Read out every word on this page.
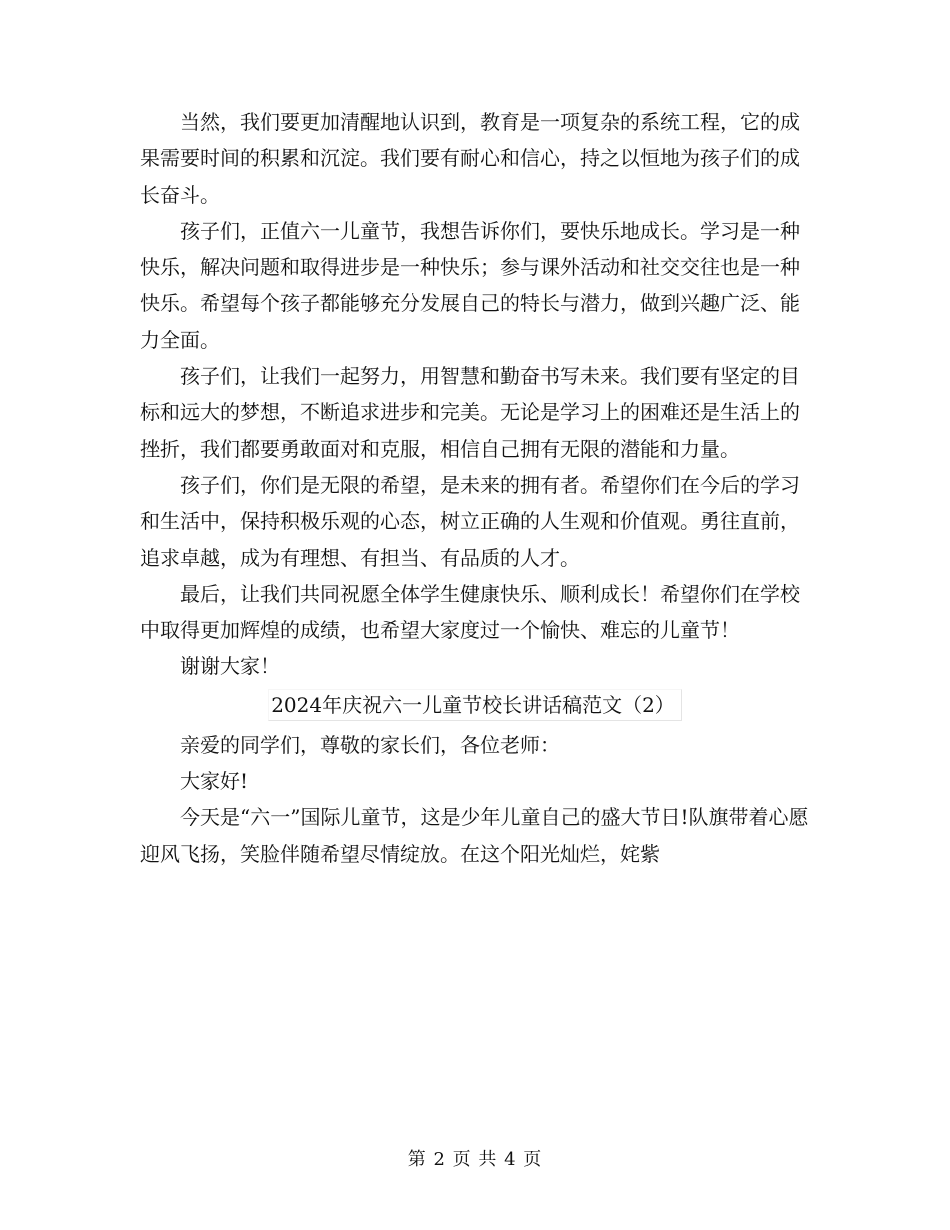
当然，我们要更加清醒地认识到，教育是一项复杂的系统工程，它的成果需要时间的积累和沉淀。我们要有耐心和信心，持之以恒地为孩子们的成长奋斗。

孩子们，正值六一儿童节，我想告诉你们，要快乐地成长。学习是一种快乐，解决问题和取得进步是一种快乐；参与课外活动和社交交往也是一种快乐。希望每个孩子都能够充分发展自己的特长与潜力，做到兴趣广泛、能力全面。

孩子们，让我们一起努力，用智慧和勤奋书写未来。我们要有坚定的目标和远大的梦想，不断追求进步和完美。无论是学习上的困难还是生活上的挫折，我们都要勇敢面对和克服，相信自己拥有无限的潜能和力量。

孩子们，你们是无限的希望，是未来的拥有者。希望你们在今后的学习和生活中，保持积极乐观的心态，树立正确的人生观和价值观。勇往直前，追求卓越，成为有理想、有担当、有品质的人才。

最后，让我们共同祝愿全体学生健康快乐、顺利成长！希望你们在学校中取得更加辉煌的成绩，也希望大家度过一个愉快、难忘的儿童节！

谢谢大家！

2024年庆祝六一儿童节校长讲话稿范文（2）

亲爱的同学们，尊敬的家长们，各位老师：

大家好!

今天是“六一”国际儿童节，这是少年儿童自己的盛大节日!队旗带着心愿迎风飞扬，笑脸伴随希望尽情绽放。在这个阳光灿烂，姹紫

第 2 页 共 4 页
